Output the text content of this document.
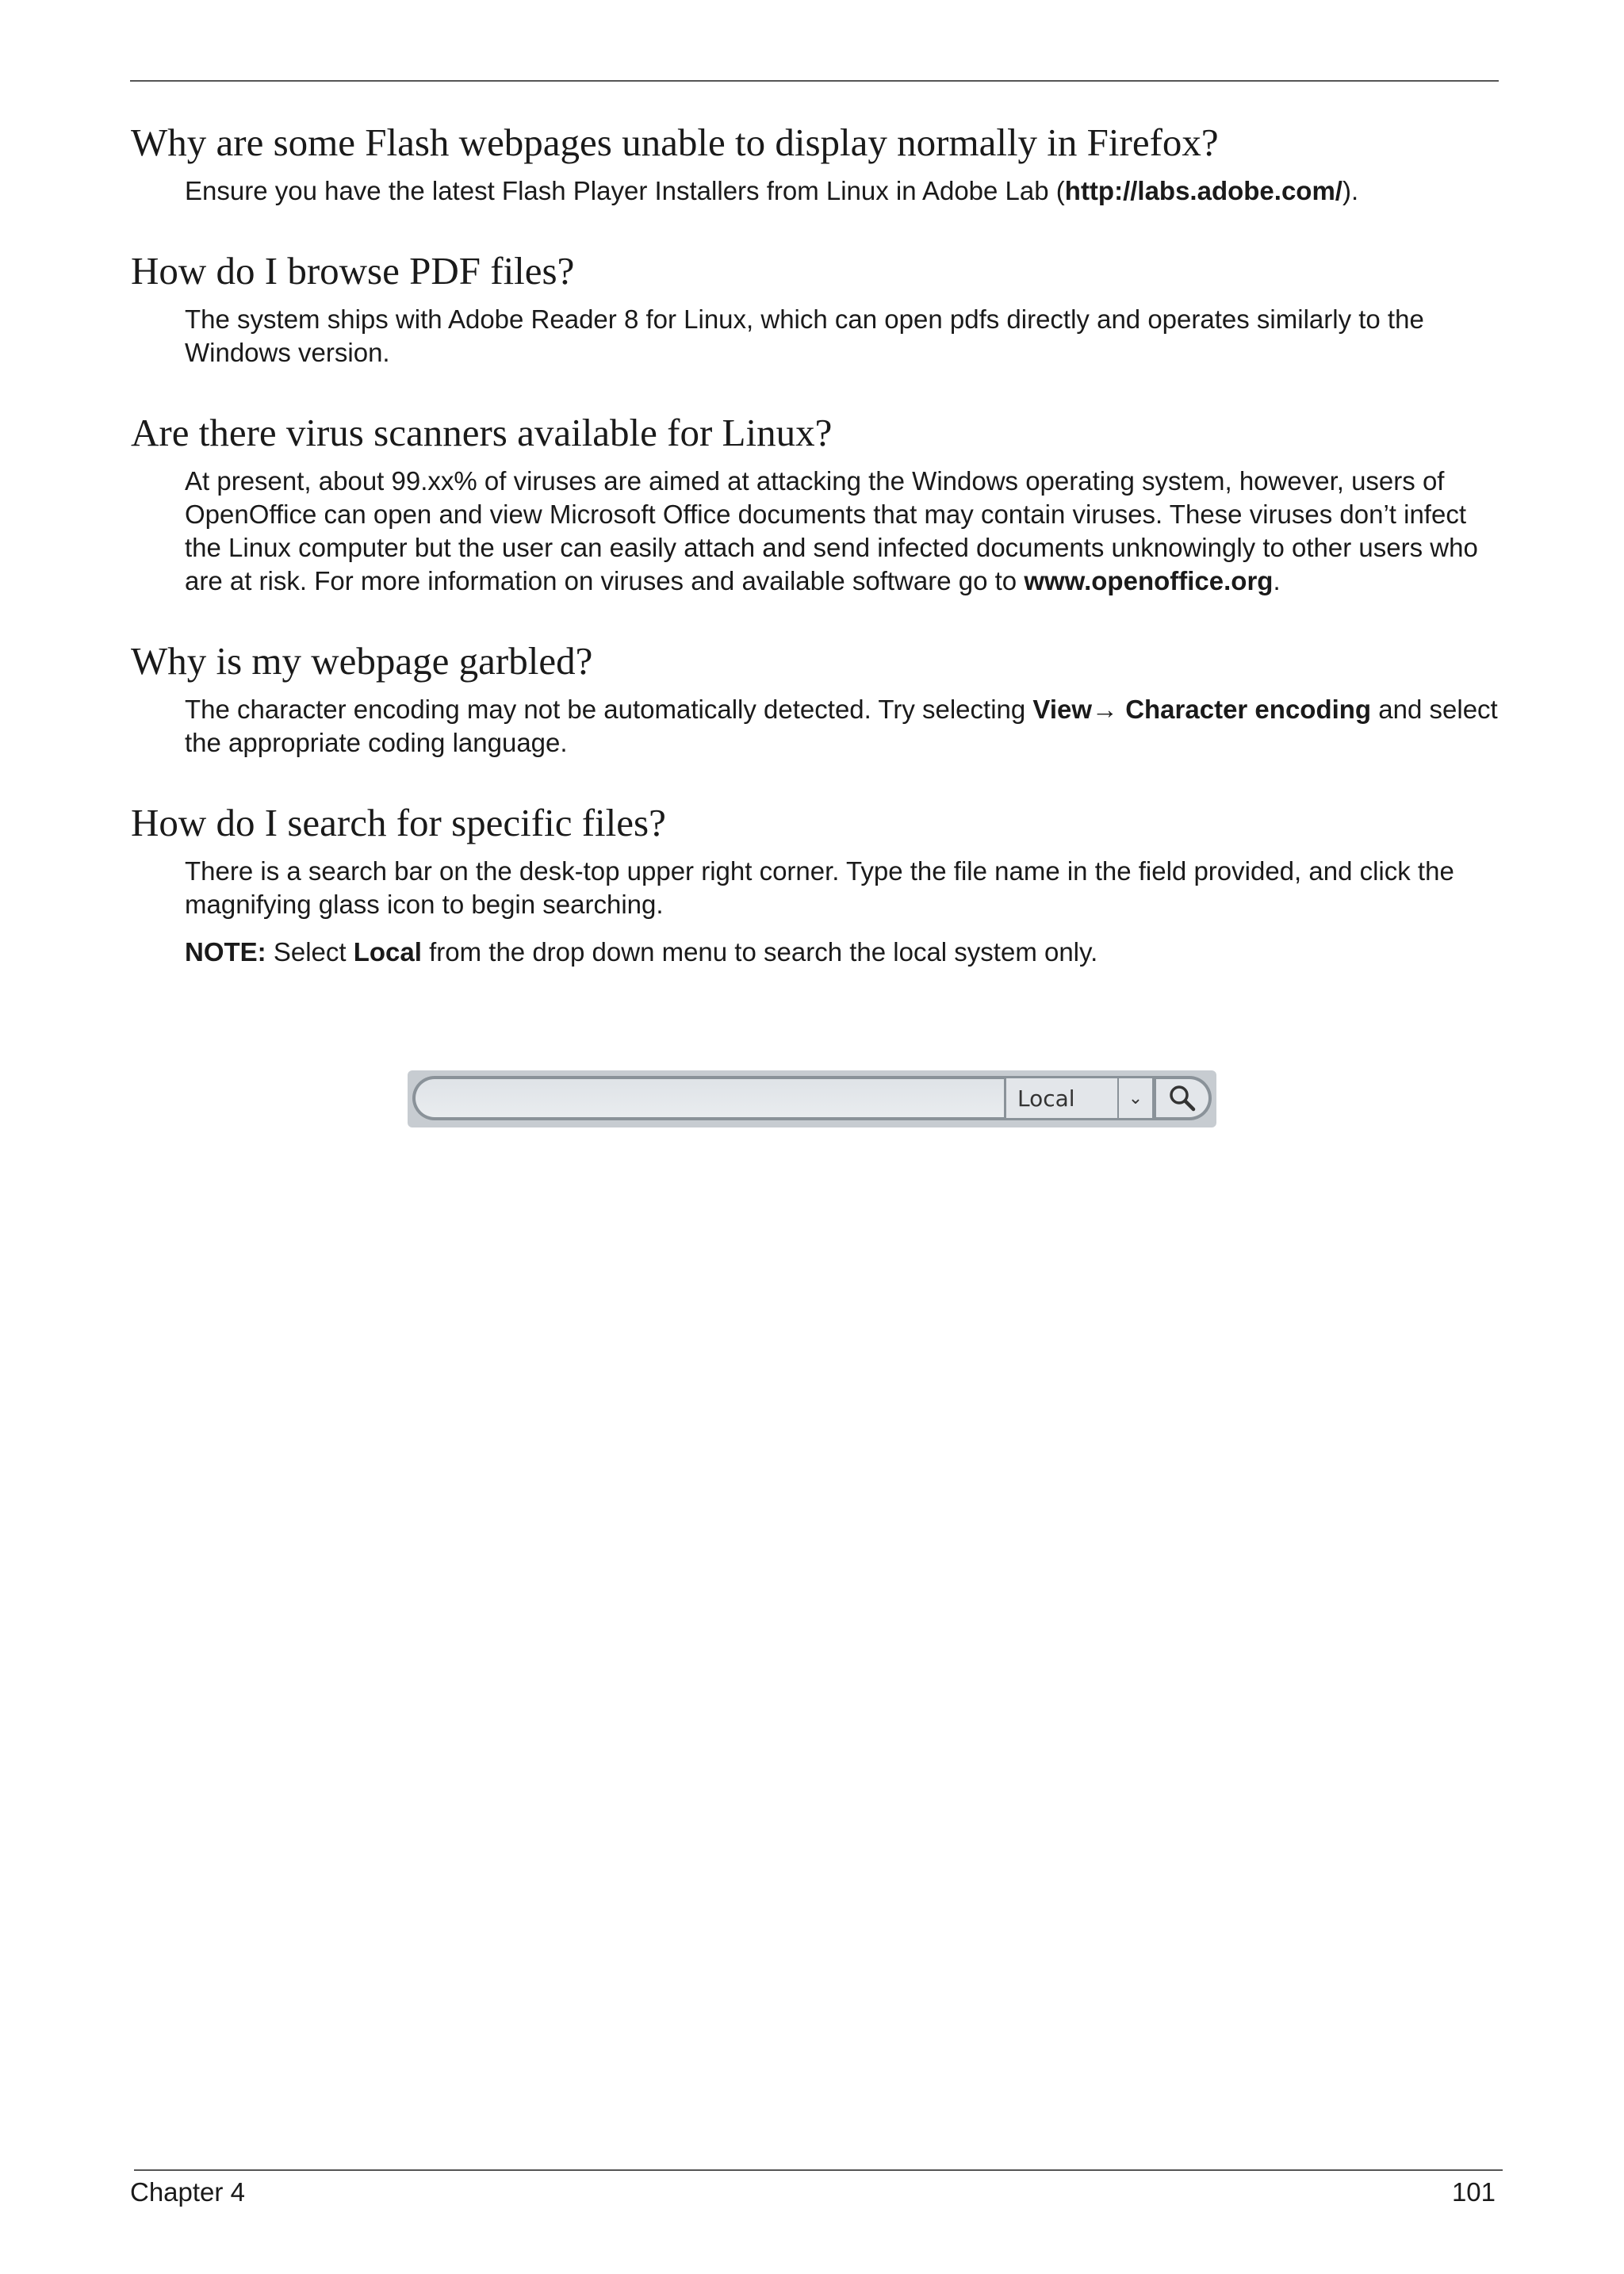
Why are some Flash webpages unable to display normally in Firefox?

Ensure you have the latest Flash Player Installers from Linux in Adobe Lab (http://labs.adobe.com/).

How do I browse PDF files?

The system ships with Adobe Reader 8 for Linux, which can open pdfs directly and operates similarly to the Windows version.

Are there virus scanners available for Linux?

At present, about 99.xx% of viruses are aimed at attacking the Windows operating system, however, users of OpenOffice can open and view Microsoft Office documents that may contain viruses. These viruses don’t infect the Linux computer but the user can easily attach and send infected documents unknowingly to other users who are at risk. For more information on viruses and available software go to www.openoffice.org.

Why is my webpage garbled?

The character encoding may not be automatically detected. Try selecting View→ Character encoding and select the appropriate coding language.

How do I search for specific files?

There is a search bar on the desk-top upper right corner. Type the file name in the field provided, and click the magnifying glass icon to begin searching.

NOTE: Select Local from the drop down menu to search the local system only.

Local	⌄
Chapter 4	101
